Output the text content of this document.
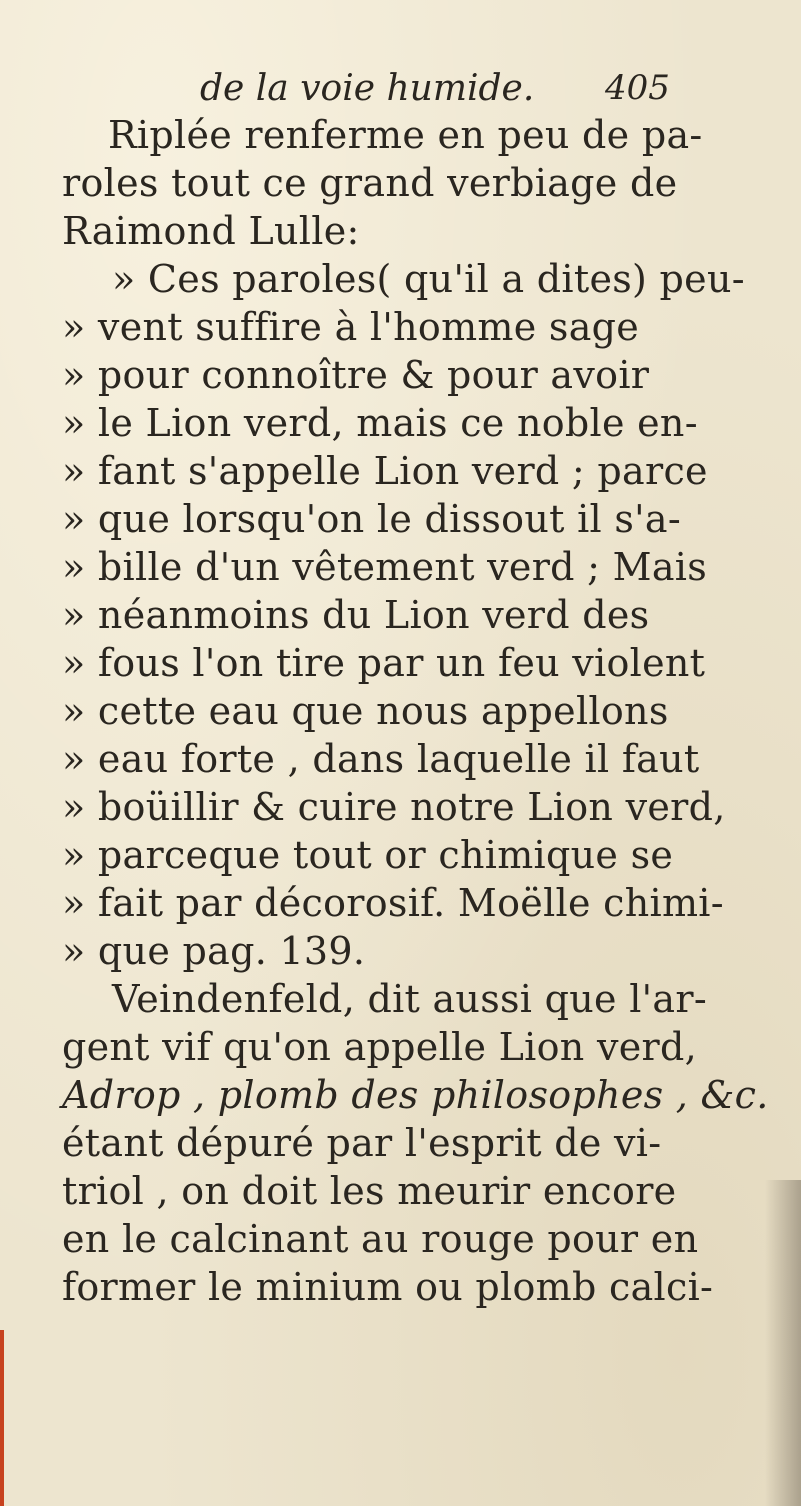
de la voie humide. 405
Riplée renferme en peu de pa-
roles tout ce grand verbiage de
Raimond Lulle:
» Ces paroles( qu'il a dites) peu-
» vent suffire à l'homme sage
» pour connoître & pour avoir
» le Lion verd, mais ce noble en-
» fant s'appelle Lion verd ; parce
» que lorsqu'on le dissout il s'a-
» bille d'un vêtement verd ; Mais
» néanmoins du Lion verd des
» fous l'on tire par un feu violent
» cette eau que nous appellons
» eau forte , dans laquelle il faut
» boüillir & cuire notre Lion verd,
» parceque tout or chimique se
» fait par décorosif. Moëlle chimi-
» que pag. 139.
Veindenfeld, dit aussi que l'ar-
gent vif qu'on appelle Lion verd,
Adrop , plomb des philosophes , &c.
étant dépuré par l'esprit de vi-
triol , on doit les meurir encore
en le calcinant au rouge pour en
former le minium ou plomb calci-
